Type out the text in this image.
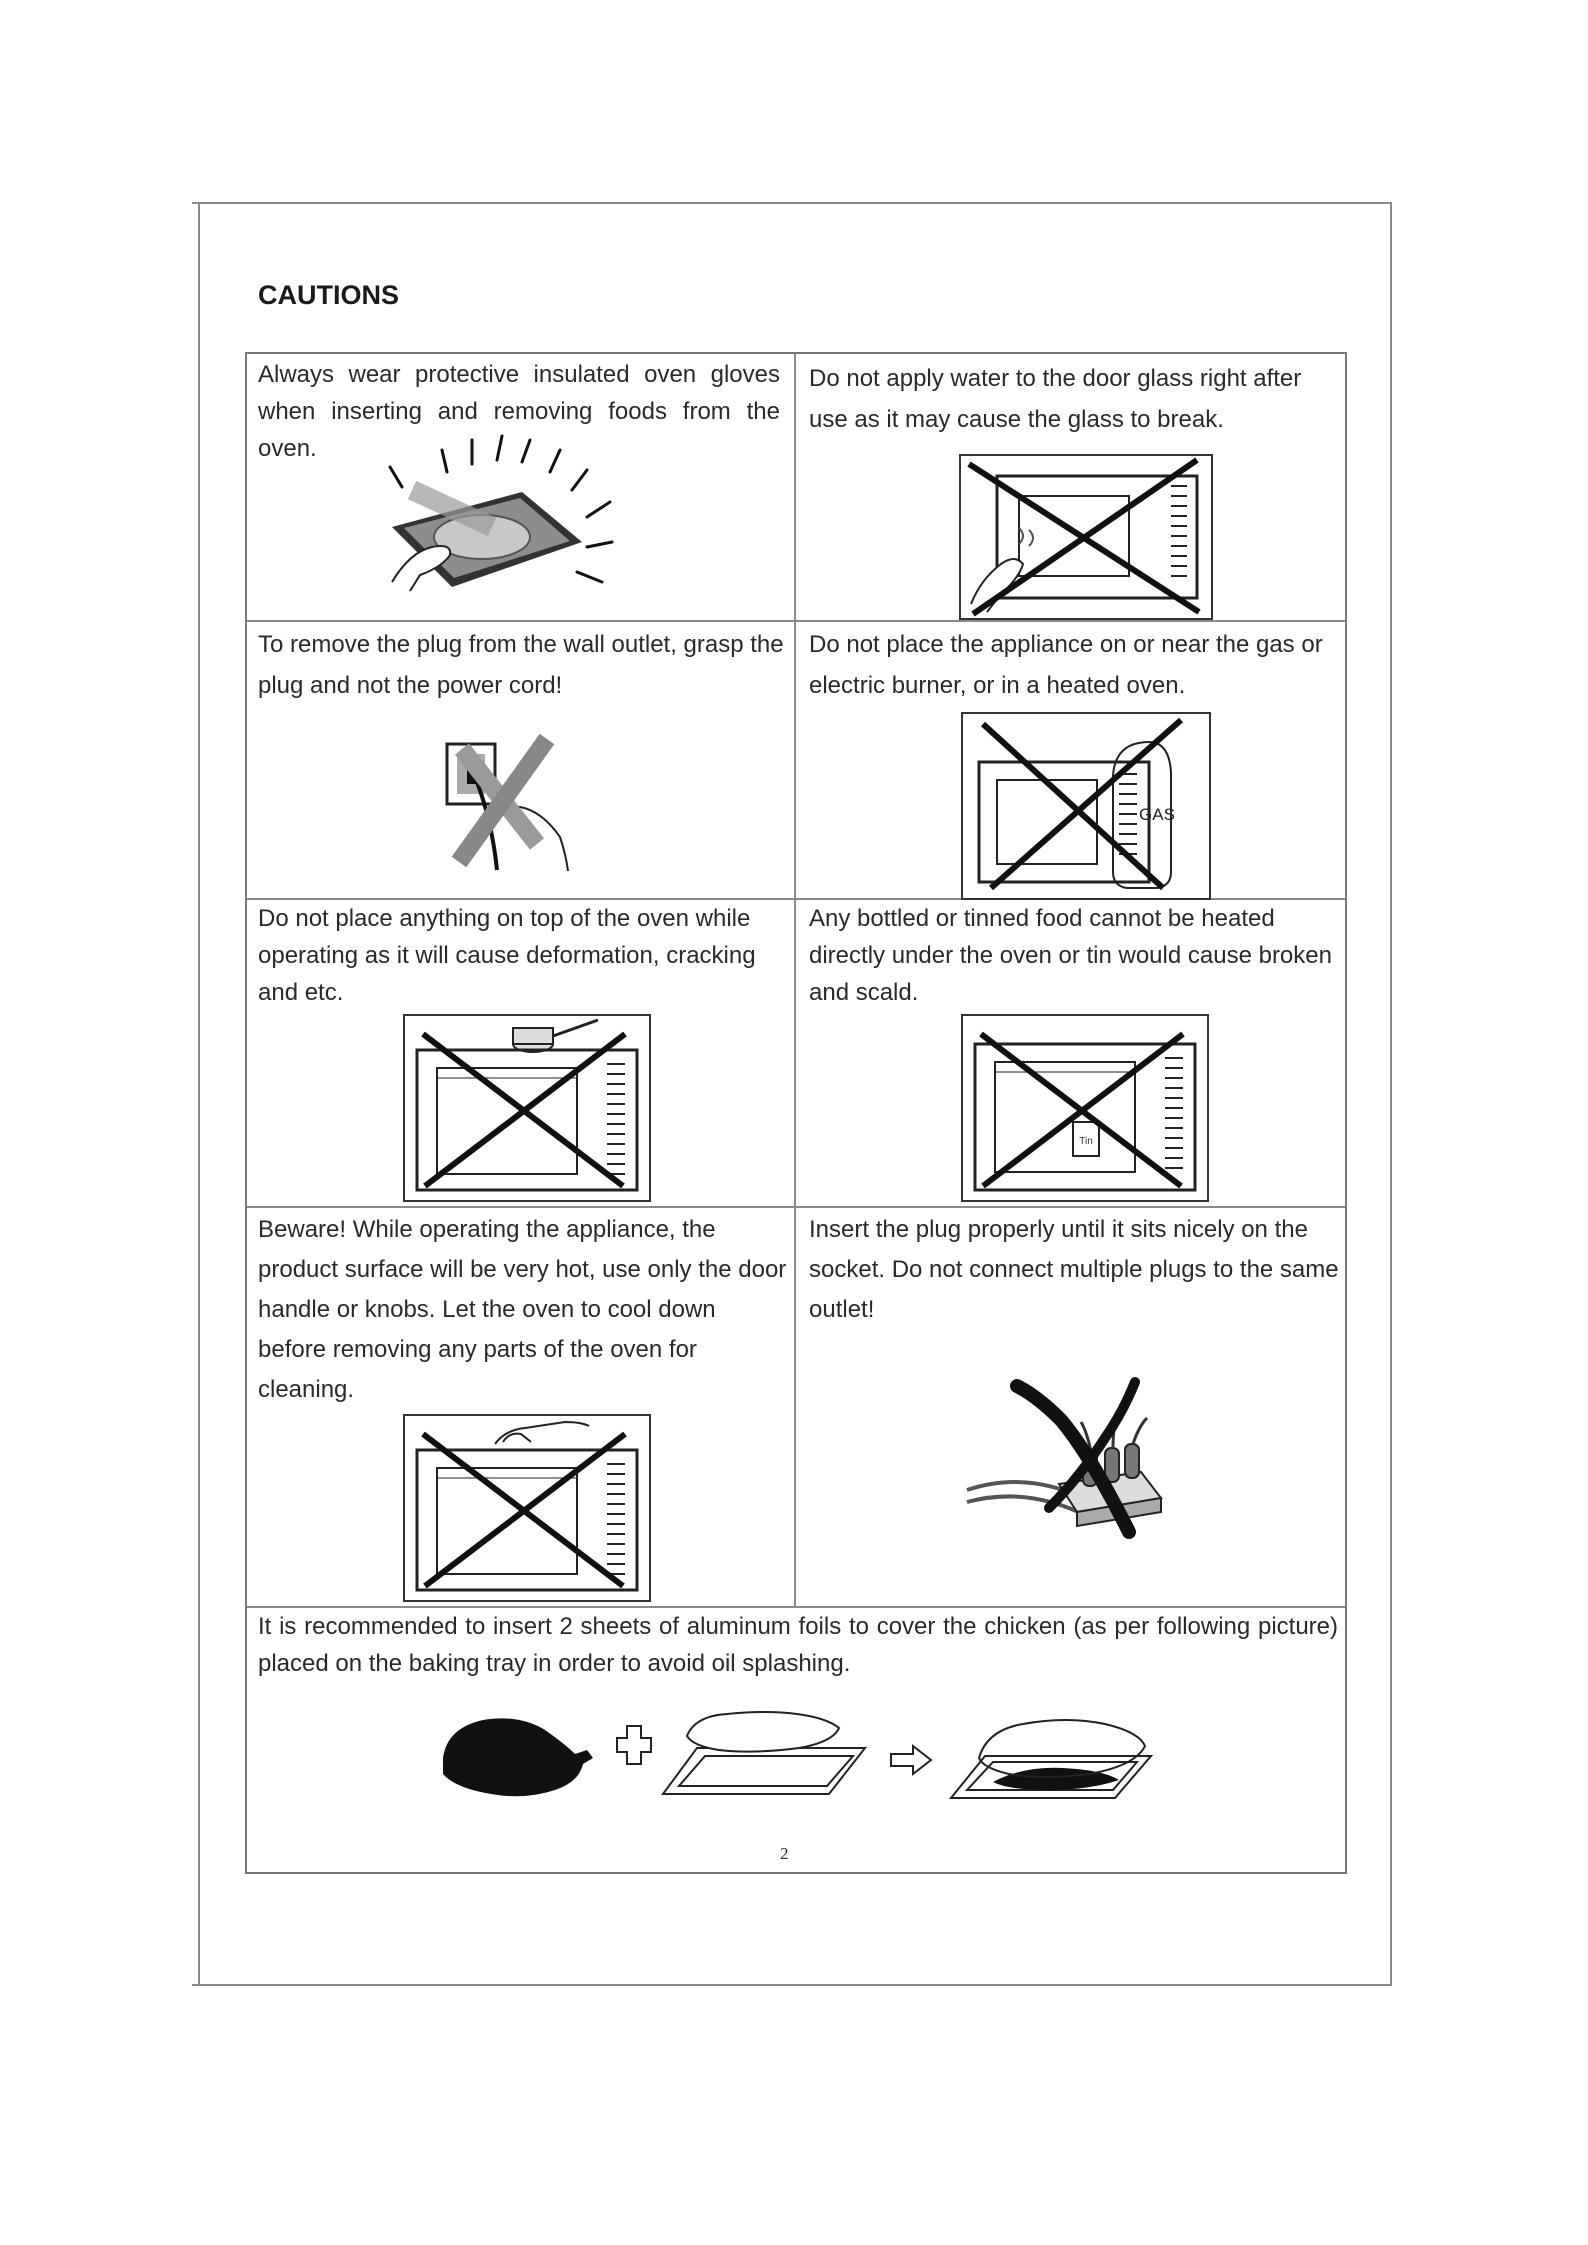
CAUTIONS
Always wear protective insulated oven gloves when inserting and removing foods from the oven.
Do not apply water to the door glass right after use as it may cause the glass to break.
To remove the plug from the wall outlet, grasp the plug and not the power cord!
Do not place the appliance on or near the gas or electric burner, or in a heated oven.
GAS
Do not place anything on top of the oven while operating as it will cause deformation, cracking and etc.
Any bottled or tinned food cannot be heated directly under the oven or tin would cause broken and scald.
Tin
Beware! While operating the appliance, the product surface will be very hot, use only the door handle or knobs. Let the oven to cool down before removing any parts of the oven for cleaning.
Insert the plug properly until it sits nicely on the socket. Do not connect multiple plugs to the same outlet!
It is recommended to insert 2 sheets of aluminum foils to cover the chicken (as per following picture) placed on the baking tray in order to avoid oil splashing.
2
